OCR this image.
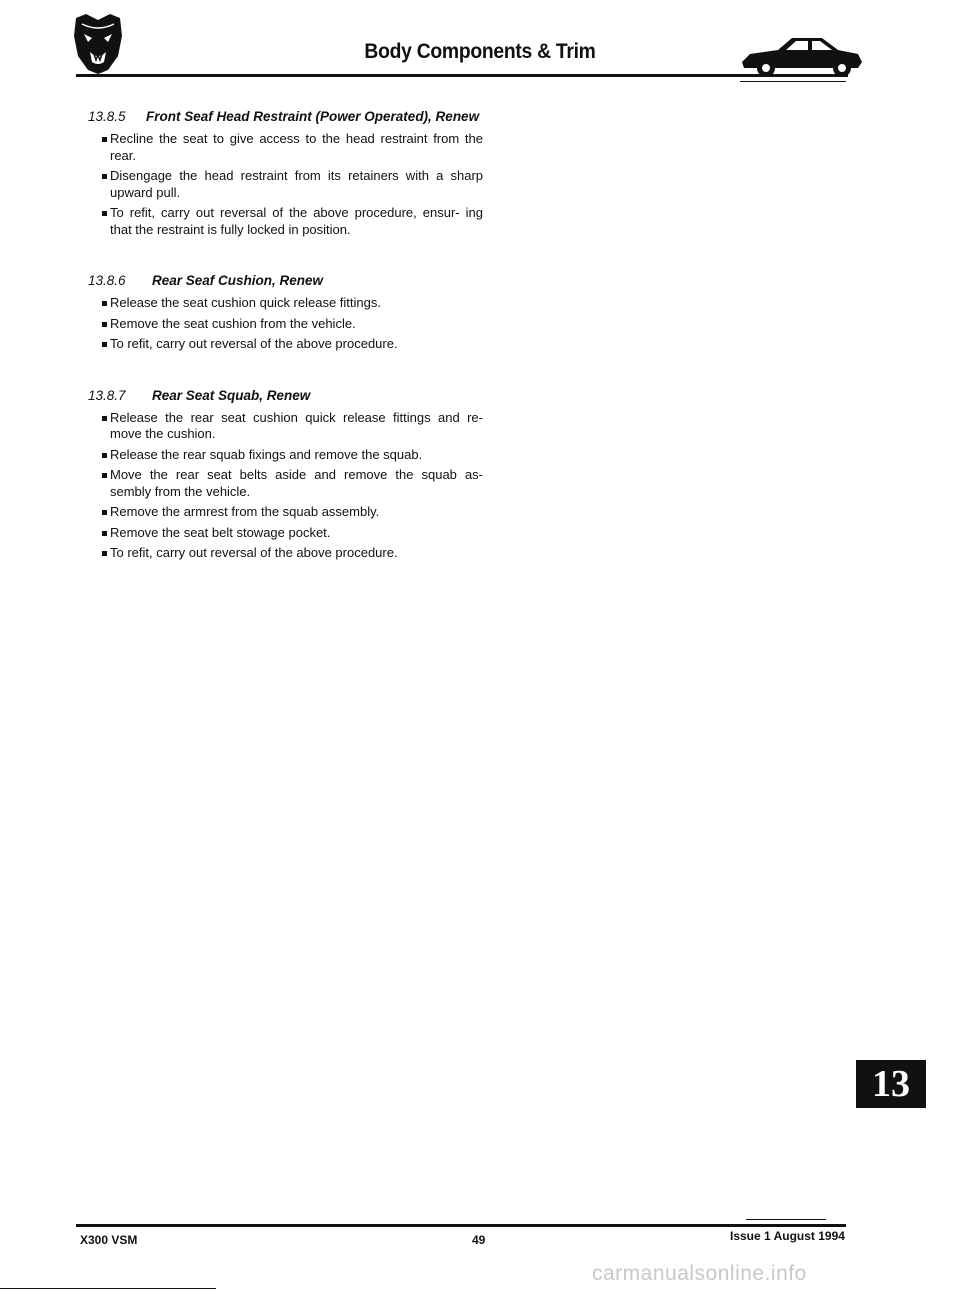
Body Components & Trim
13.8.5 Front Seaf Head Restraint (Power Operated), Renew
Recline the seat to give access to the head restraint from the rear.
Disengage the head restraint from its retainers with a sharp upward pull.
To refit, carry out reversal of the above procedure, ensur- ing that the restraint is fully locked in position.
13.8.6 Rear Seaf Cushion, Renew
Release the seat cushion quick release fittings.
Remove the seat cushion from the vehicle.
To refit, carry out reversal of the above procedure.
13.8.7 Rear Seat Squab, Renew
Release the rear seat cushion quick release fittings and re- move the cushion.
Release the rear squab fixings and remove the squab.
Move the rear seat belts aside and remove the squab as- sembly from the vehicle.
Remove the armrest from the squab assembly.
Remove the seat belt stowage pocket.
To refit, carry out reversal of the above procedure.
13
X300 VSM	49	Issue 1 August 1994
carmanualsonline.info
